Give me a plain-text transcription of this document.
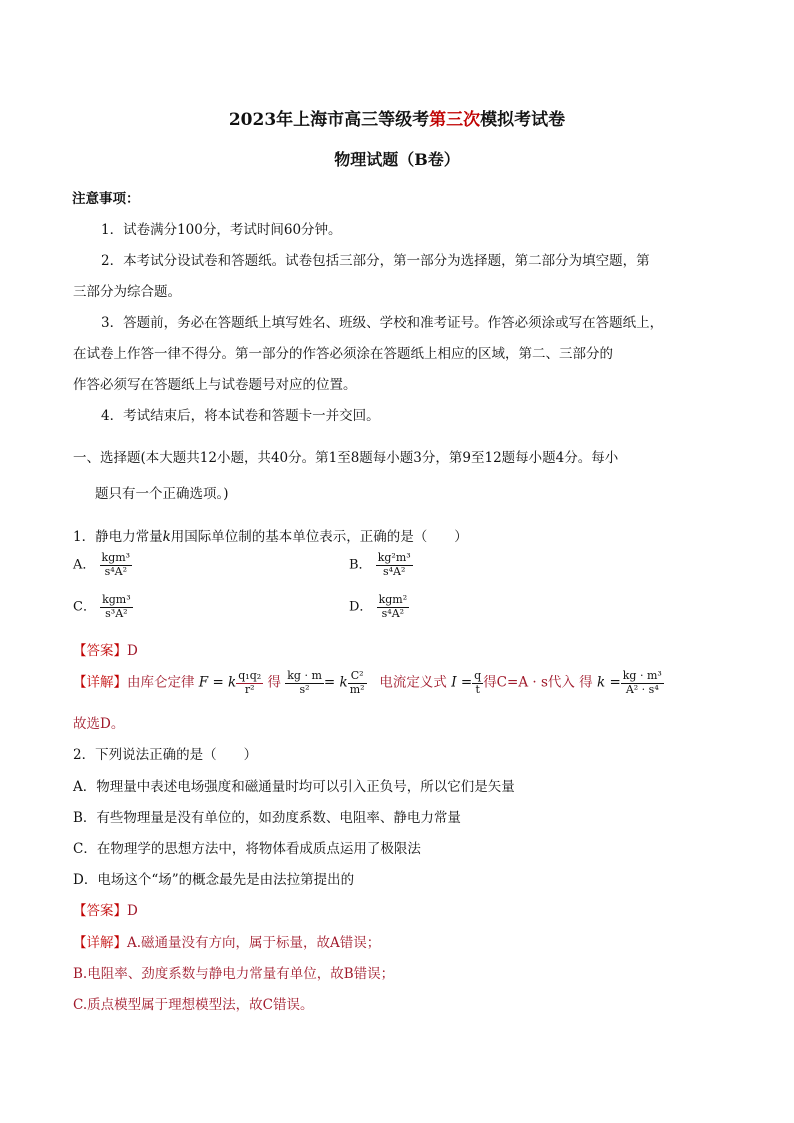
2023年上海市高三等级考第三次模拟考试卷
物理试题（B卷）
注意事项：
1．试卷满分100分，考试时间60分钟。
2．本考试分设试卷和答题纸。试卷包括三部分，第一部分为选择题，第二部分为填空题，第
三部分为综合题。
3．答题前，务必在答题纸上填写姓名、班级、学校和准考证号。作答必须涂或写在答题纸上，
在试卷上作答一律不得分。第一部分的作答必须涂在答题纸上相应的区域，第二、三部分的
作答必须写在答题纸上与试卷题号对应的位置。
4．考试结束后，将本试卷和答题卡一并交回。
一、选择题(本大题共12小题，共40分。第1至8题每小题3分，第9至12题每小题4分。每小
题只有一个正确选项。)
1．静电力常量k用国际单位制的基本单位表示，正确的是（　　）
A． $\frac{\text{kgm³}}{\text{s⁴A²}}$	B． $\frac{\text{kg²m³}}{\text{s⁴A²}}$
C． $\frac{\text{kgm³}}{\text{s³A²}}$	D． $\frac{\text{kgm²}}{\text{s⁴A²}}$
【答案】D
【详解】由库仑定律 F = k $\frac{\text{q₁q₂}}{\text{r²}}$ 得 $\frac{kg \cdot m}{\text{s²}} = k \frac{\text{C²}}{\text{m²}}$ 电流定义式 $I = \frac{q}{t}$ 得C=A · s代入 得 $k = \frac{\text{kg · m³}}{\text{A² · s⁴}}$
故选D。
2．下列说法正确的是（　　）
A．物理量中表述电场强度和磁通量时均可以引入正负号，所以它们是矢量
B．有些物理量是没有单位的，如劲度系数、电阻率、静电力常量
C．在物理学的思想方法中，将物体看成质点运用了极限法
D．电场这个“场”的概念最先是由法拉第提出的
【答案】D
【详解】A.磁通量没有方向，属于标量，故A错误；
B.电阻率、劲度系数与静电力常量有单位，故B错误；
C.质点模型属于理想模型法，故C错误。
